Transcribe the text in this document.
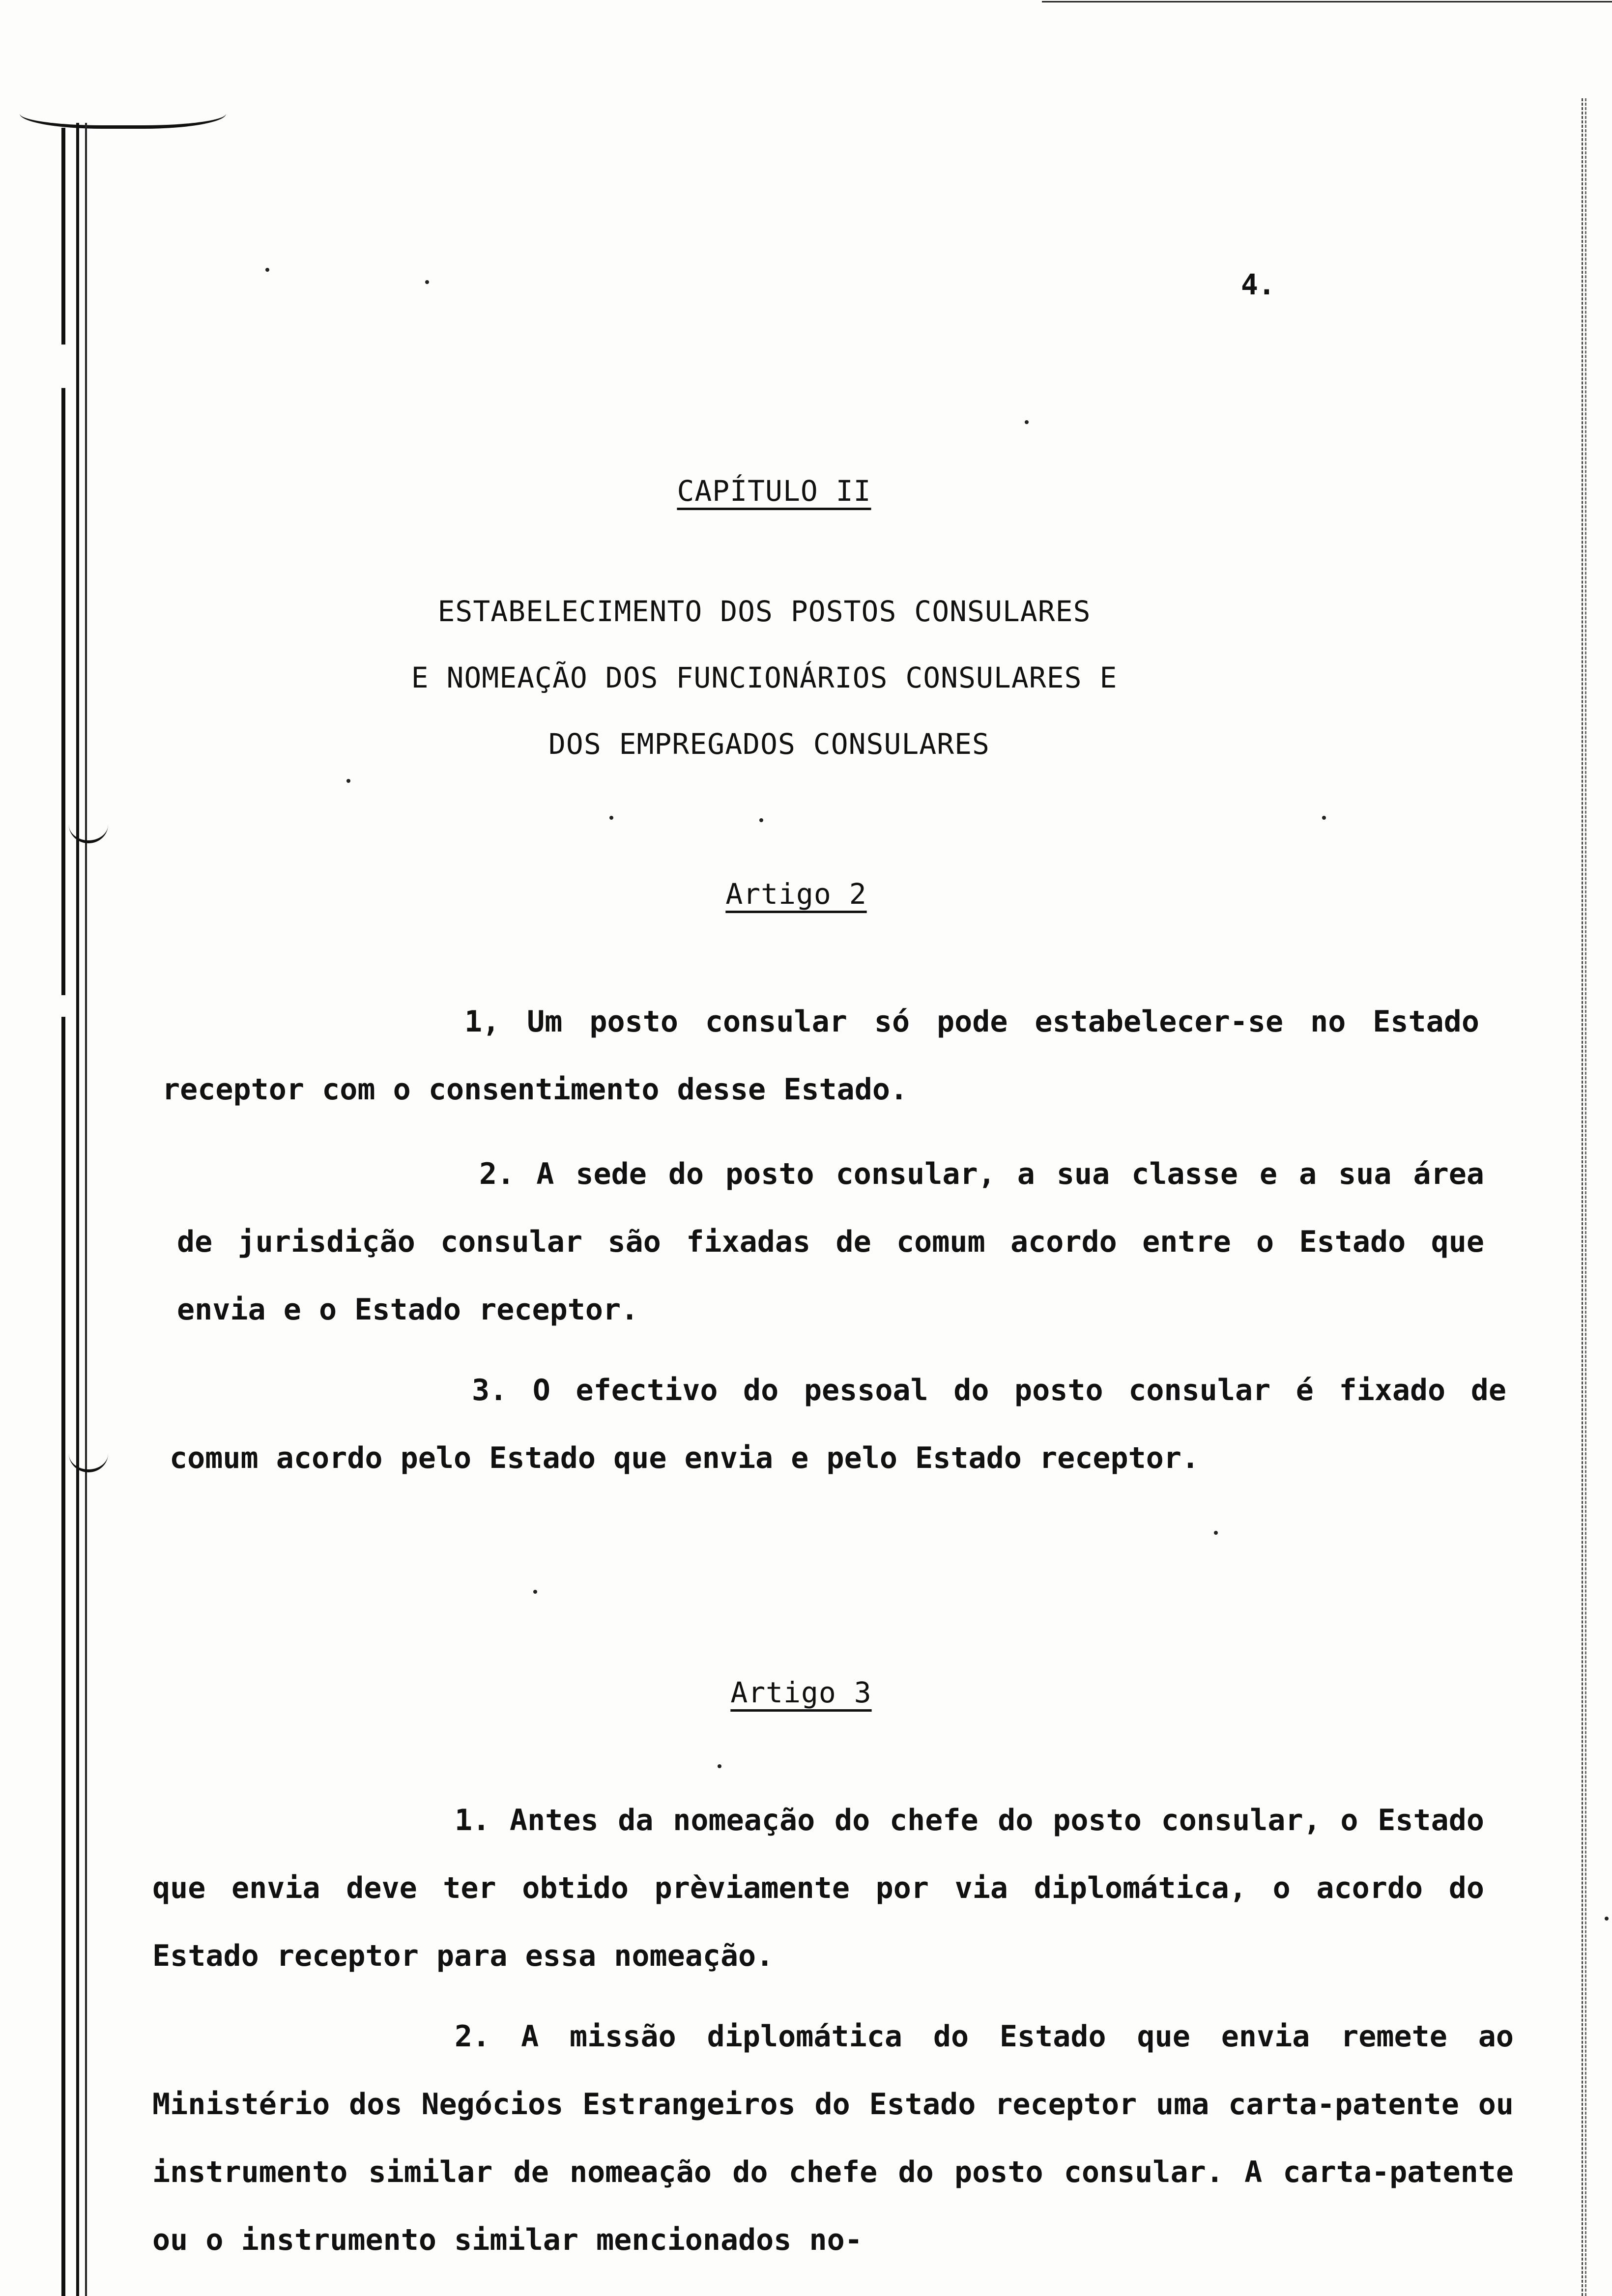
4.
CAPÍTULO II
ESTABELECIMENTO DOS POSTOS CONSULARES
E NOMEAÇÃO DOS FUNCIONÁRIOS CONSULARES E
DOS EMPREGADOS CONSULARES
Artigo 2

1, Um posto consular só pode estabelecer-se no Estado receptor com o consentimento desse Estado.

2. A sede do posto consular, a sua classe e a sua área de jurisdição consular são fixadas de comum acordo entre o Estado que envia e o Estado receptor.

3. O efectivo do pessoal do posto consular é fixado de comum acordo pelo Estado que envia e pelo Estado receptor.

Artigo 3

1. Antes da nomeação do chefe do posto consular, o Estado que envia deve ter obtido prèviamente por via diplomática, o acordo do Estado receptor para essa nomeação.

2. A missão diplomática do Estado que envia remete ao Ministério dos Negócios Estrangeiros do Estado receptor uma carta-patente ou instrumento similar de nomeação do chefe do posto consular. A carta-patente ou o instrumento similar mencionados no-
